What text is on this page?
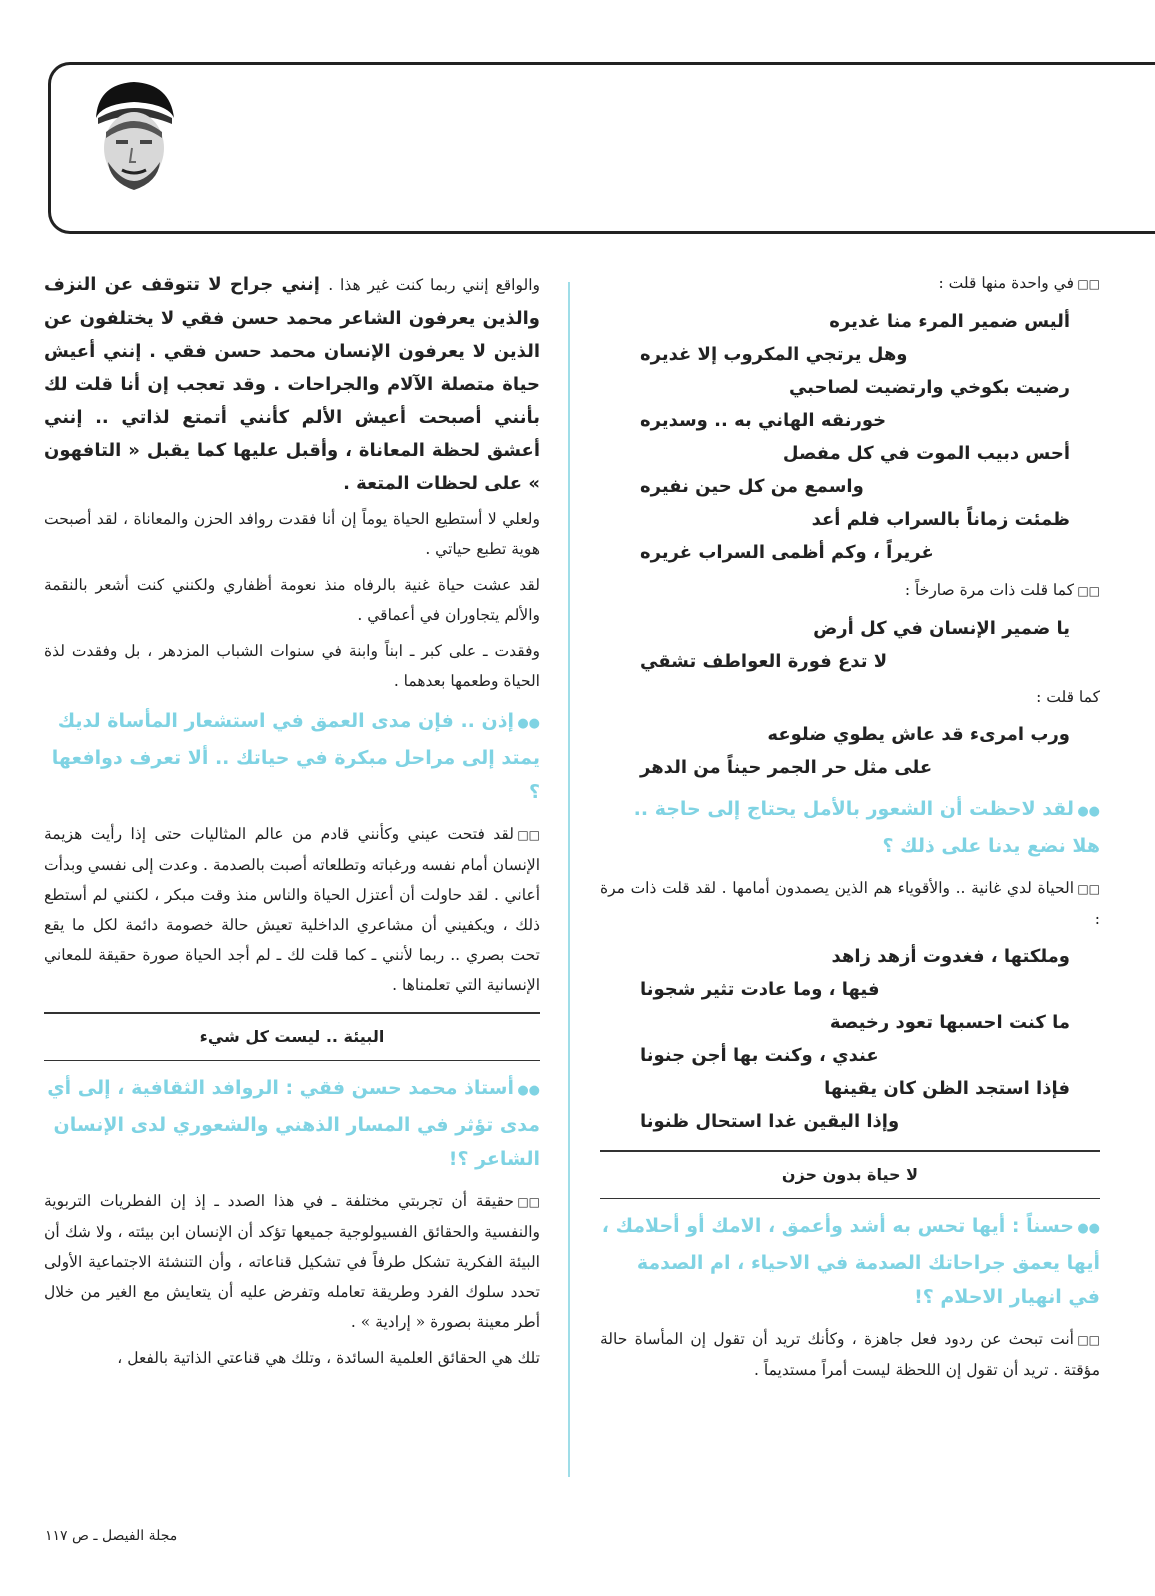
□□في واحدة منها قلت :

أليس ضمير المرء منا غديره
وهل يرتجي المكروب إلا غديره
رضيت بكوخي وارتضيت لصاحبي
خورنقه الهاني به .. وسديره
أحس دبيب الموت في كل مفصل
واسمع من كل حين نفيره
ظمئت زماناً بالسراب فلم أعد
غريراً ، وكم أظمى السراب غريره

□□كما قلت ذات مرة صارخاً :

يا ضمير الإنسان في كل أرض
لا تدع فورة العواطف تشقي

كما قلت :

ورب امرىء قد عاش يطوي ضلوعه
على مثل حر الجمر حيناً من الدهر
●●لقد لاحظت أن الشعور بالأمل يحتاج إلى حاجة .. هلا نضع يدنا على ذلك ؟

□□الحياة لدي غانية .. والأقوياء هم الذين يصمدون أمامها . لقد قلت ذات مرة :

وملكتها ، فغدوت أزهد زاهد
فيها ، وما عادت تثير شجونا
ما كنت احسبها تعود رخيصة
عندي ، وكنت بها أجن جنونا
فإذا استجد الظن كان يقينها
وإذا اليقين غدا استحال ظنونا
لا حياة بدون حزن
●●حسناً : أيها تحس به أشد وأعمق ، الامك أو أحلامك ، أيها يعمق جراحاتك الصدمة في الاحياء ، ام الصدمة في انهيار الاحلام ؟!

□□أنت تبحث عن ردود فعل جاهزة ، وكأنك تريد أن تقول إن المأساة حالة مؤقتة . تريد أن تقول إن اللحظة ليست أمراً مستديماً .

والواقع إنني ربما كنت غير هذا . إنني جراح لا تتوقف عن النزف والذين يعرفون الشاعر محمد حسن فقي لا يختلفون عن الذين لا يعرفون الإنسان محمد حسن فقي . إنني أعيش حياة متصلة الآلام والجراحات . وقد تعجب إن أنا قلت لك بأنني أصبحت أعيش الألم كأنني أتمتع لذاتي .. إنني أعشق لحظة المعاناة ، وأقبل عليها كما يقبل « التافهون » على لحظات المتعة .

ولعلي لا أستطيع الحياة يوماً إن أنا فقدت روافد الحزن والمعاناة ، لقد أصبحت هوية تطبع حياتي .

لقد عشت حياة غنية بالرفاه منذ نعومة أظفاري ولكنني كنت أشعر بالنقمة والألم يتجاوران في أعماقي .

وفقدت ـ على كبر ـ ابناً وابنة في سنوات الشباب المزدهر ، بل وفقدت لذة الحياة وطعمها بعدهما .

●●إذن .. فإن مدى العمق في استشعار المأساة لديك يمتد إلى مراحل مبكرة في حياتك .. ألا تعرف دوافعها ؟

□□لقد فتحت عيني وكأنني قادم من عالم المثاليات حتى إذا رأيت هزيمة الإنسان أمام نفسه ورغباته وتطلعاته أصبت بالصدمة . وعدت إلى نفسي وبدأت أعاني . لقد حاولت أن أعتزل الحياة والناس منذ وقت مبكر ، لكنني لم أستطع ذلك ، ويكفيني أن مشاعري الداخلية تعيش حالة خصومة دائمة لكل ما يقع تحت بصري .. ربما لأنني ـ كما قلت لك ـ لم أجد الحياة صورة حقيقة للمعاني الإنسانية التي تعلمناها .

البيئة .. ليست كل شيء
●●أستاذ محمد حسن فقي : الروافد الثقافية ، إلى أي مدى تؤثر في المسار الذهني والشعوري لدى الإنسان الشاعر ؟!

□□حقيقة أن تجربتي مختلفة ـ في هذا الصدد ـ إذ إن الفطريات التربوية والنفسية والحقائق الفسيولوجية جميعها تؤكد أن الإنسان ابن بيئته ، ولا شك أن البيئة الفكرية تشكل طرفاً في تشكيل قناعاته ، وأن التنشئة الاجتماعية الأولى تحدد سلوك الفرد وطريقة تعامله وتفرض عليه أن يتعايش مع الغير من خلال أطر معينة بصورة « إرادية » .

تلك هي الحقائق العلمية السائدة ، وتلك هي قناعتي الذاتية بالفعل ،

مجلة الفيصل ـ ص ١١٧
